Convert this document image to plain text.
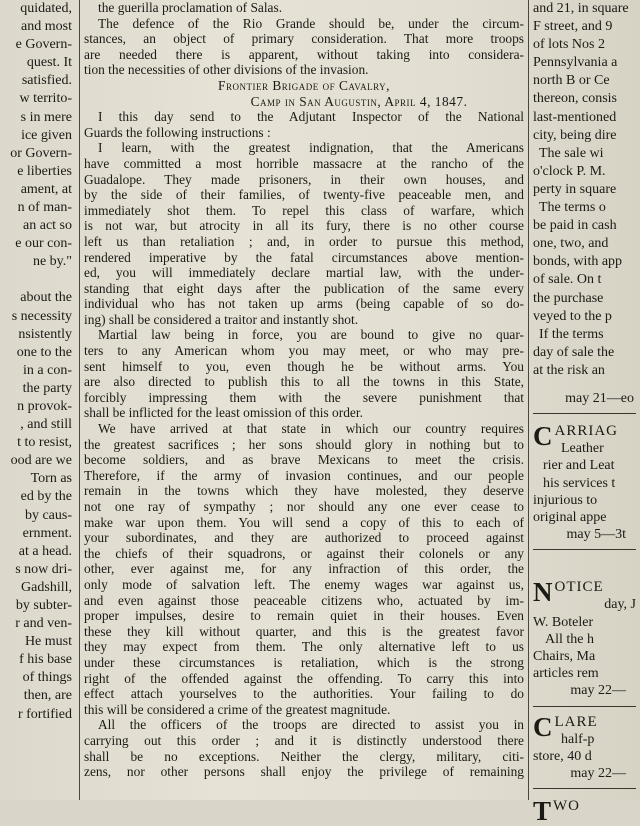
quidated,
and most
e Govern-
quest. It
satisfied.
w territo-
s in mere
ice given
or Govern-
e liberties
ament, at
n of man-
an act so
e our con-
ne by."
about the
s necessity
nsistently
one to the
in a con-
the party
n provok-
, and still
t to resist,
ood are we
Torn as
ed by the
by caus-
ernment.
at a head.
s now dri-
Gadshill,
by subter-
r and ven-
He must
f his base
of things
then, are
r fortified
the guerilla proclamation of Salas.
The defence of the Rio Grande should be, under the circum-
stances, an object of primary consideration. That more troops
are needed there is apparent, without taking into considera-
tion the necessities of other divisions of the invasion.
Frontier Brigade of Cavalry,
Camp in San Augustin, April 4, 1847.
I this day send to the Adjutant Inspector of the National
Guards the following instructions :
I learn, with the greatest indignation, that the Americans
have committed a most horrible massacre at the rancho of the
Guadalope. They made prisoners, in their own houses, and
by the side of their families, of twenty-five peaceable men, and
immediately shot them. To repel this class of warfare, which
is not war, but atrocity in all its fury, there is no other course
left us than retaliation ; and, in order to pursue this method,
rendered imperative by the fatal circumstances above mention-
ed, you will immediately declare martial law, with the under-
standing that eight days after the publication of the same every
individual who has not taken up arms (being capable of so do-
ing) shall be considered a traitor and instantly shot.
Martial law being in force, you are bound to give no quar-
ters to any American whom you may meet, or who may pre-
sent himself to you, even though he be without arms. You
are also directed to publish this to all the towns in this State,
forcibly impressing them with the severe punishment that
shall be inflicted for the least omission of this order.
We have arrived at that state in which our country requires
the greatest sacrifices ; her sons should glory in nothing but to
become soldiers, and as brave Mexicans to meet the crisis.
Therefore, if the army of invasion continues, and our people
remain in the towns which they have molested, they deserve
not one ray of sympathy ; nor should any one ever cease to
make war upon them. You will send a copy of this to each of
your subordinates, and they are authorized to proceed against
the chiefs of their squadrons, or against their colonels or any
other, ever against me, for any infraction of this order, the
only mode of salvation left. The enemy wages war against us,
and even against those peaceable citizens who, actuated by im-
proper impulses, desire to remain quiet in their houses. Even
these they kill without quarter, and this is the greatest favor
they may expect from them. The only alternative left to us
under these circumstances is retaliation, which is the strong
right of the offended against the offending. To carry this into
effect attach yourselves to the authorities. Your failing to do
this will be considered a crime of the greatest magnitude.
All the officers of the troops are directed to assist you in
carrying out this order ; and it is distinctly understood there
shall be no exceptions. Neither the clergy, military, citi-
zens, nor other persons shall enjoy the privilege of remaining
and 21, in square
F street, and 9
of lots Nos 2
Pennsylvania a
north B or Ce
thereon, consis
last-mentioned
city, being dire
The sale wi
o'clock P. M.
perty in square
The terms o
be paid in cash
one, two, and
bonds, with app
of sale. On t
the purchase
veyed to the p
If the terms
day of sale the
at the risk an
may 21—eo
CARRIAG
Leather
rier and Leat
his services t
injurious to
original appe
may 5—3t
NOTICE
day, J
W. Boteler
All the h
Chairs, Ma
articles rem
may 22—
CLARE
half-p
store, 40 d
may 22—
TWO
